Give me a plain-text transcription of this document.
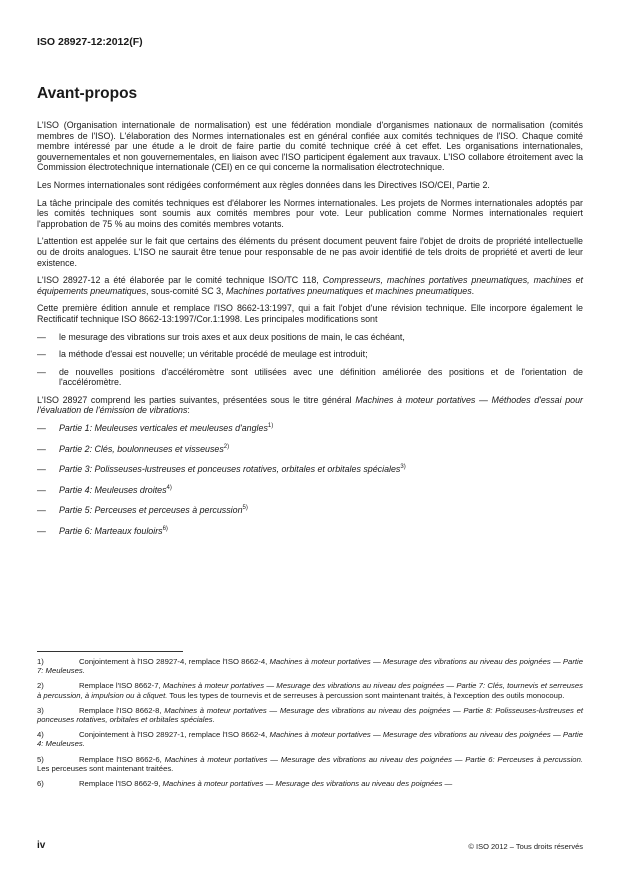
ISO 28927-12:2012(F)
Avant-propos

L'ISO (Organisation internationale de normalisation) est une fédération mondiale d'organismes nationaux de normalisation (comités membres de l'ISO). L'élaboration des Normes internationales est en général confiée aux comités techniques de l'ISO. Chaque comité membre intéressé par une étude a le droit de faire partie du comité technique créé à cet effet. Les organisations internationales, gouvernementales et non gouvernementales, en liaison avec l'ISO participent également aux travaux. L'ISO collabore étroitement avec la Commission électrotechnique internationale (CEI) en ce qui concerne la normalisation électrotechnique.

Les Normes internationales sont rédigées conformément aux règles données dans les Directives ISO/CEI, Partie 2.

La tâche principale des comités techniques est d'élaborer les Normes internationales. Les projets de Normes internationales adoptés par les comités techniques sont soumis aux comités membres pour vote. Leur publication comme Normes internationales requiert l'approbation de 75 % au moins des comités membres votants.

L'attention est appelée sur le fait que certains des éléments du présent document peuvent faire l'objet de droits de propriété intellectuelle ou de droits analogues. L'ISO ne saurait être tenue pour responsable de ne pas avoir identifié de tels droits de propriété et averti de leur existence.

L'ISO 28927-12 a été élaborée par le comité technique ISO/TC 118, Compresseurs, machines portatives pneumatiques, machines et équipements pneumatiques, sous-comité SC 3, Machines portatives pneumatiques et machines pneumatiques.

Cette première édition annule et remplace l'ISO 8662-13:1997, qui a fait l'objet d'une révision technique. Elle incorpore également le Rectificatif technique ISO 8662-13:1997/Cor.1:1998. Les principales modifications sont

—	le mesurage des vibrations sur trois axes et aux deux positions de main, le cas échéant,
—	la méthode d'essai est nouvelle; un véritable procédé de meulage est introduit;
—	de nouvelles positions d'accéléromètre sont utilisées avec une définition améliorée des positions et de l'orientation de l'accéléromètre.

L'ISO 28927 comprend les parties suivantes, présentées sous le titre général Machines à moteur portatives — Méthodes d'essai pour l'évaluation de l'émission de vibrations:

—	Partie 1: Meuleuses verticales et meuleuses d'angles$^{1)}$
—	Partie 2: Clés, boulonneuses et visseuses$^{2)}$
—	Partie 3: Polisseuses-lustreuses et ponceuses rotatives, orbitales et orbitales spéciales$^{3)}$
—	Partie 4: Meuleuses droites$^{4)}$
—	Partie 5: Perceuses et perceuses à percussion$^{5)}$
—	Partie 6: Marteaux fouloirs$^{6)}$
1)	Conjointement à l'ISO 28927-4, remplace l'ISO 8662-4, Machines à moteur portatives — Mesurage des vibrations au niveau des poignées — Partie 7: Meuleuses.
2)	Remplace l'ISO 8662-7, Machines à moteur portatives — Mesurage des vibrations au niveau des poignées — Partie 7: Clés, tournevis et serreuses à percussion, à impulsion ou à cliquet. Tous les types de tournevis et de serreuses à percussion sont maintenant traités, à l'exception des outils monocoup.
3)	Remplace l'ISO 8662-8, Machines à moteur portatives — Mesurage des vibrations au niveau des poignées — Partie 8: Polisseuses-lustreuses et ponceuses rotatives, orbitales et orbitales spéciales.
4)	Conjointement à l'ISO 28927-1, remplace l'ISO 8662-4, Machines à moteur portatives — Mesurage des vibrations au niveau des poignées — Partie 4: Meuleuses.
5)	Remplace l'ISO 8662-6, Machines à moteur portatives — Mesurage des vibrations au niveau des poignées — Partie 6: Perceuses à percussion. Les perceuses sont maintenant traitées.
6)	Remplace l'ISO 8662-9, Machines à moteur portatives — Mesurage des vibrations au niveau des poignées —
iv	© ISO 2012 – Tous droits réservés
